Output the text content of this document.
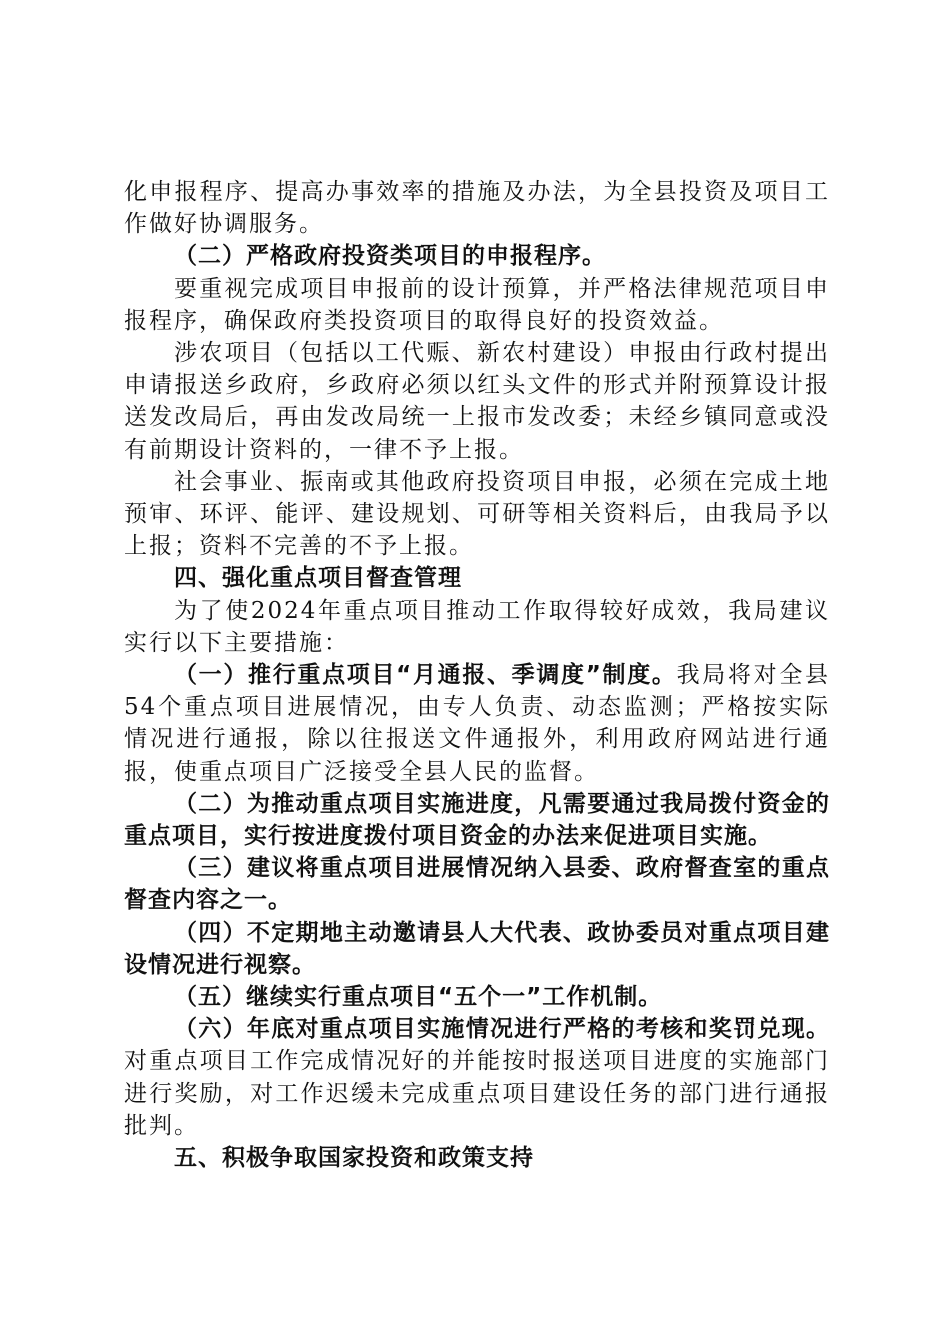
化申报程序、提高办事效率的措施及办法，为全县投资及项目工作做好协调服务。

（二）严格政府投资类项目的申报程序。

要重视完成项目申报前的设计预算，并严格法律规范项目申报程序，确保政府类投资项目的取得良好的投资效益。

涉农项目（包括以工代赈、新农村建设）申报由行政村提出申请报送乡政府，乡政府必须以红头文件的形式并附预算设计报送发改局后，再由发改局统一上报市发改委；未经乡镇同意或没有前期设计资料的，一律不予上报。

社会事业、振南或其他政府投资项目申报，必须在完成土地预审、环评、能评、建设规划、可研等相关资料后，由我局予以上报；资料不完善的不予上报。

四、强化重点项目督查管理

为了使2024年重点项目推动工作取得较好成效，我局建议实行以下主要措施：

（一）推行重点项目“月通报、季调度”制度。我局将对全县54个重点项目进展情况，由专人负责、动态监测；严格按实际情况进行通报，除以往报送文件通报外，利用政府网站进行通报，使重点项目广泛接受全县人民的监督。

（二）为推动重点项目实施进度，凡需要通过我局拨付资金的重点项目，实行按进度拨付项目资金的办法来促进项目实施。

（三）建议将重点项目进展情况纳入县委、政府督查室的重点督查内容之一。

（四）不定期地主动邀请县人大代表、政协委员对重点项目建设情况进行视察。

（五）继续实行重点项目“五个一”工作机制。

（六）年底对重点项目实施情况进行严格的考核和奖罚兑现。对重点项目工作完成情况好的并能按时报送项目进度的实施部门进行奖励，对工作迟缓未完成重点项目建设任务的部门进行通报批判。

五、积极争取国家投资和政策支持
